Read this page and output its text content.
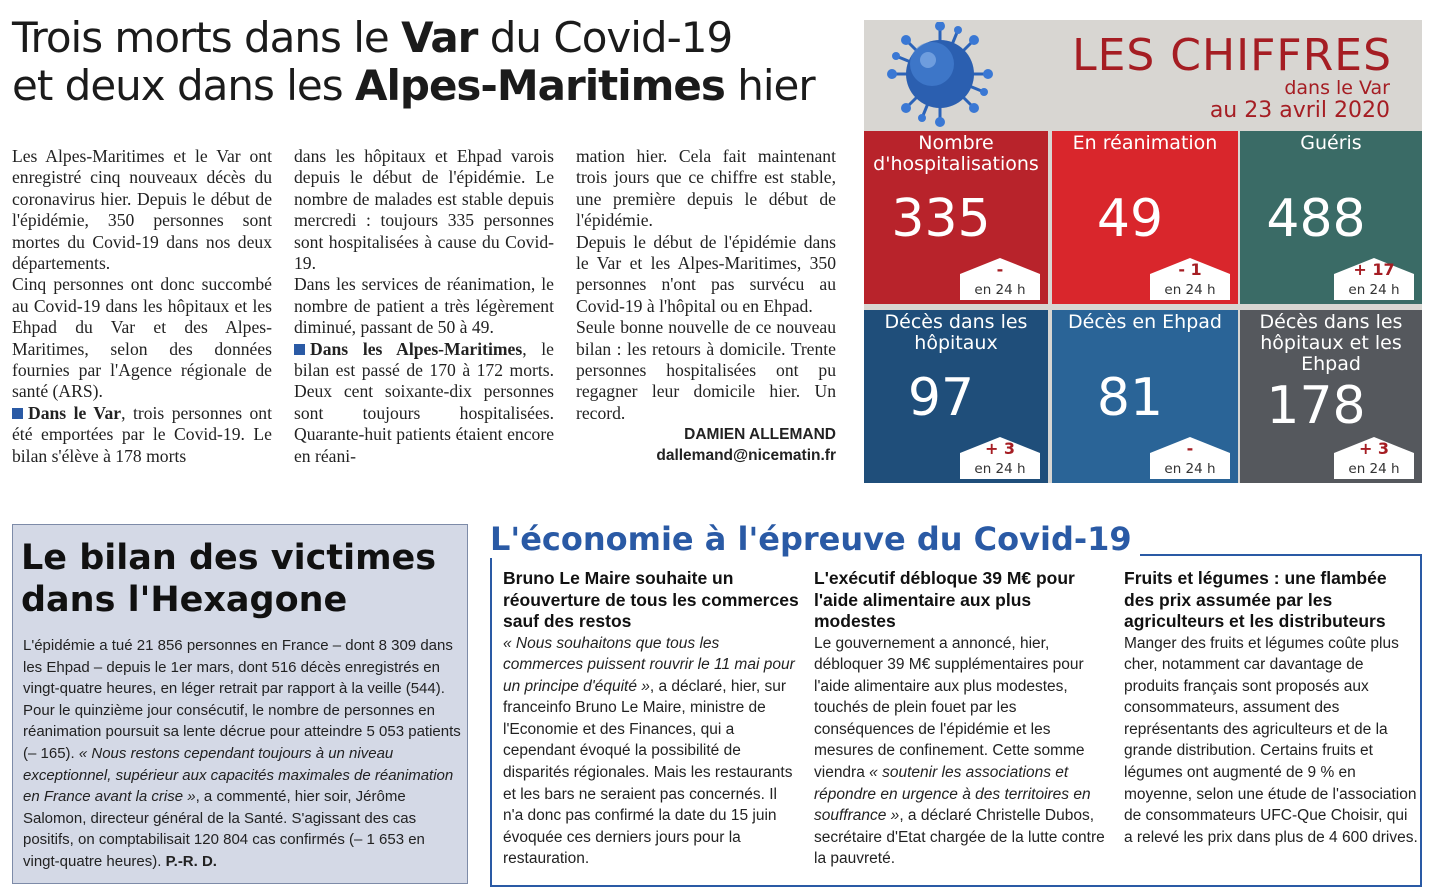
Trois morts dans le Var du Covid-19
et deux dans les Alpes-Maritimes hier

Les Alpes-Maritimes et le Var ont enregistré cinq nouveaux décès du coronavirus hier. Depuis le début de l'épidémie, 350 personnes sont mortes du Covid-19 dans nos deux départements.

Cinq personnes ont donc succombé au Covid-19 dans les hôpitaux et les Ehpad du Var et des Alpes-Maritimes, selon des données fournies par l'Agence régionale de santé (ARS).

Dans le Var, trois personnes ont été emportées par le Covid-19. Le bilan s'élève à 178 morts

dans les hôpitaux et Ehpad varois depuis le début de l'épidémie. Le nombre de malades est stable depuis mercredi : toujours 335 personnes sont hospitalisées à cause du Covid-19.

Dans les services de réanimation, le nombre de patient a très légèrement diminué, passant de 50 à 49.

Dans les Alpes-Maritimes, le bilan est passé de 170 à 172 morts. Deux cent soixante-dix personnes sont toujours hospitalisées. Quarante-huit patients étaient encore en réani-

mation hier. Cela fait maintenant trois jours que ce chiffre est stable, une première depuis le début de l'épidémie.

Depuis le début de l'épidémie dans le Var et les Alpes-Maritimes, 350 personnes n'ont pas survécu au Covid-19 à l'hôpital ou en Ehpad.

Seule bonne nouvelle de ce nouveau bilan : les retours à domicile. Trente personnes hospitalisées ont pu regagner leur domicile hier. Un record.

DAMIEN ALLEMAND
dallemand@nicematin.fr
LES CHIFFRES
dans le Var
au 23 avril 2020
Nombre d'hospitalisations
335
-
en 24 h
En réanimation
49
- 1
en 24 h
Guéris
488
+ 17
en 24 h
Décès dans les hôpitaux
97
+ 3
en 24 h
Décès en Ehpad
81
-
en 24 h
Décès dans les hôpitaux et les Ehpad
178
+ 3
en 24 h
Le bilan des victimes
dans l'Hexagone
L'épidémie a tué 21 856 personnes en France – dont 8 309 dans les Ehpad – depuis le 1er mars, dont 516 décès enregistrés en vingt-quatre heures, en léger retrait par rapport à la veille (544). Pour le quinzième jour consécutif, le nombre de personnes en réanimation poursuit sa lente décrue pour atteindre 5 053 patients (– 165). « Nous restons cependant toujours à un niveau exceptionnel, supérieur aux capacités maximales de réanimation en France avant la crise », a commenté, hier soir, Jérôme Salomon, directeur général de la Santé. S'agissant des cas positifs, on comptabilisait 120 804 cas confirmés (– 1 653 en vingt-quatre heures). P.-R. D.
L'économie à l'épreuve du Covid-19
Bruno Le Maire souhaite un réouverture de tous les commerces sauf des restos
« Nous souhaitons que tous les commerces puissent rouvrir le 11 mai pour un principe d'équité », a déclaré, hier, sur franceinfo Bruno Le Maire, ministre de l'Economie et des Finances, qui a cependant évoqué la possibilité de disparités régionales. Mais les restaurants et les bars ne seraient pas concernés. Il n'a donc pas confirmé la date du 15 juin évoquée ces derniers jours pour la restauration.
L'exécutif débloque 39 M€ pour l'aide alimentaire aux plus modestes
Le gouvernement a annoncé, hier, débloquer 39 M€ supplémentaires pour l'aide alimentaire aux plus modestes, touchés de plein fouet par les conséquences de l'épidémie et les mesures de confinement. Cette somme viendra « soutenir les associations et répondre en urgence à des territoires en souffrance », a déclaré Christelle Dubos, secrétaire d'Etat chargée de la lutte contre la pauvreté.
Fruits et légumes : une flambée des prix assumée par les agriculteurs et les distributeurs
Manger des fruits et légumes coûte plus cher, notamment car davantage de produits français sont proposés aux consommateurs, assument des représentants des agriculteurs et de la grande distribution. Certains fruits et légumes ont augmenté de 9 % en moyenne, selon une étude de l'association de consommateurs UFC-Que Choisir, qui a relevé les prix dans plus de 4 600 drives.
